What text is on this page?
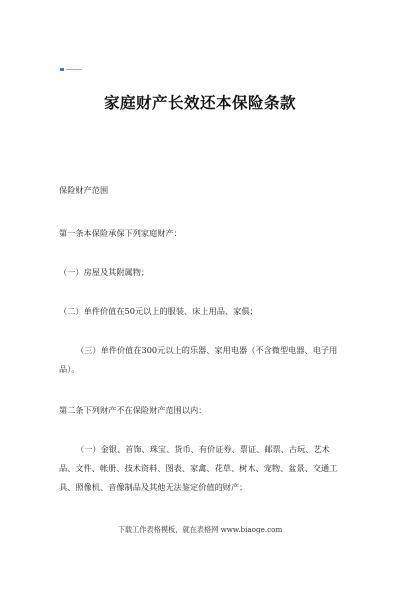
家庭财产长效还本保险条款
保险财产范围
第一条本保险承保下列家庭财产：
（一）房屋及其附属物；
（二）单件价值在50元以上的服装、床上用品、家俱；
（三）单件价值在300元以上的乐器、家用电器（不含微型电器、电子用品）。
第二条下列财产不在保险财产范围以内：
（一）金银、首饰、珠宝、货币、有价证券、票证、邮票、古玩、艺术品、文件、帐册、技术资料、图表、家禽、花草、树木、宠物、盆景、交通工具、照像机、音像制品及其他无法鉴定价值的财产；
下载工作表格模板，就在表格网 www.biaoge.com
